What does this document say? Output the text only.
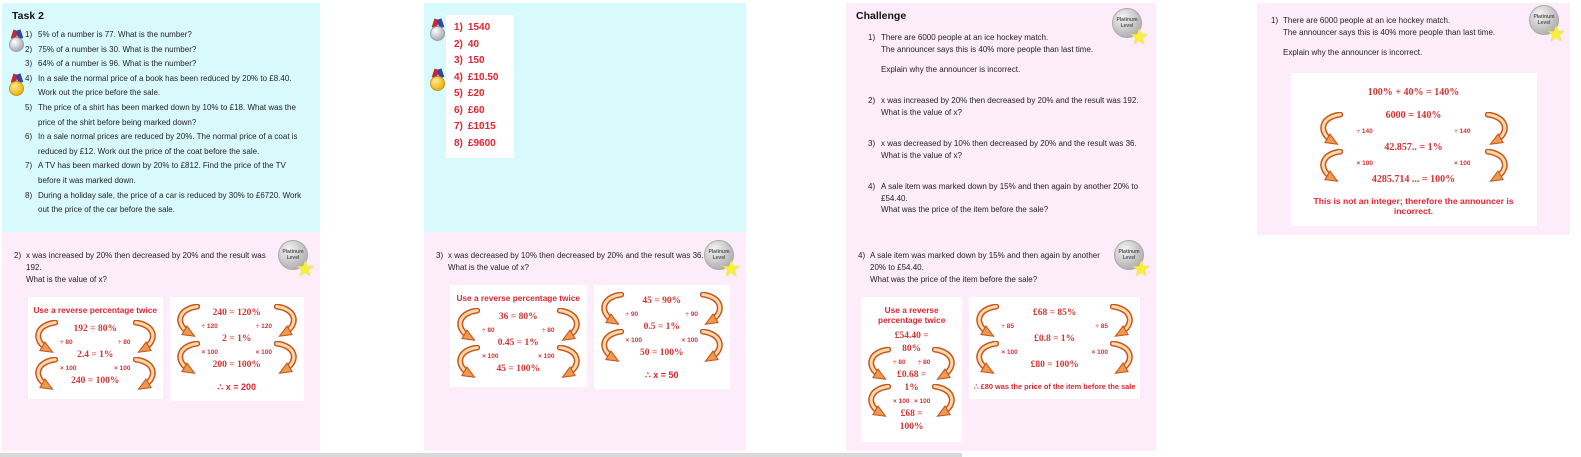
Task 2
1) 5% of a number is 77. What is the number?
2) 75% of a number is 30. What is the number?
3) 64% of a number is 96. What is the number?
4) In a sale the normal price of a book has been reduced by 20% to £8.40. Work out the price before the sale.
5) The price of a shirt has been marked down by 10% to £18. What was the price of the shirt before being marked down?
6) In a sale normal prices are reduced by 20%. The normal price of a coat is reduced by £12. Work out the price of the coat before the sale.
7) A TV has been marked down by 20% to £812. Find the price of the TV before it was marked down.
8) During a holiday sale, the price of a car is reduced by 30% to £6720. Work out the price of the car before the sale.
1) 1540
2) 40
3) 150
4) £10.50
5) £20
6) £60
7) £1015
8) £9600
Challenge
1) There are 6000 people at an ice hockey match.
The announcer says this is 40% more people than last time.
Explain why the announcer is incorrect.
2) x was increased by 20% then decreased by 20% and the result was 192.
What is the value of x?
3) x was decreased by 10% then decreased by 20% and the result was 36.
What is the value of x?
4) A sale item was marked down by 15% and then again by another 20% to £54.40.
What was the price of the item before the sale?
Platinum
Level
★
1) There are 6000 people at an ice hockey match.
The announcer says this is 40% more people than last time.
Explain why the announcer is incorrect.
Platinum
Level
★
100% + 40% = 140%
6000 = 140%
÷ 140	÷ 140
42.857.. = 1%
× 100	× 100
4285.714 ... = 100%
This is not an integer; therefore the announcer is incorrect.
2) x was increased by 20% then decreased by 20% and the result was 192.
What is the value of x?
Platinum
Level
★
Use a reverse percentage twice
192 = 80%
÷ 80	÷ 80
2.4 = 1%
× 100	× 100
240 = 100%
240 = 120%
÷ 120	÷ 120
2 = 1%
× 100	× 100
200 = 100%
∴ x = 200
3) x was decreased by 10% then decreased by 20% and the result was 36.
What is the value of x?
Platinum
Level
★
Use a reverse percentage twice
36 = 80%
÷ 80	÷ 80
0.45 = 1%
× 100	× 100
45 = 100%
45 = 90%
÷ 90	÷ 90
0.5 = 1%
× 100	× 100
50 = 100%
∴ x = 50
4) A sale item was marked down by 15% and then again by another 20% to £54.40.
What was the price of the item before the sale?
Platinum
Level
★
Use a reverse percentage twice
£54.40 = 80%
÷ 80 ÷ 80
£0.68 = 1%
× 100 × 100
£68 = 100%
£68 = 85%
÷ 85	÷ 85
£0.8 = 1%
× 100	× 100
£80 = 100%
∴ £80 was the price of the item before the sale
